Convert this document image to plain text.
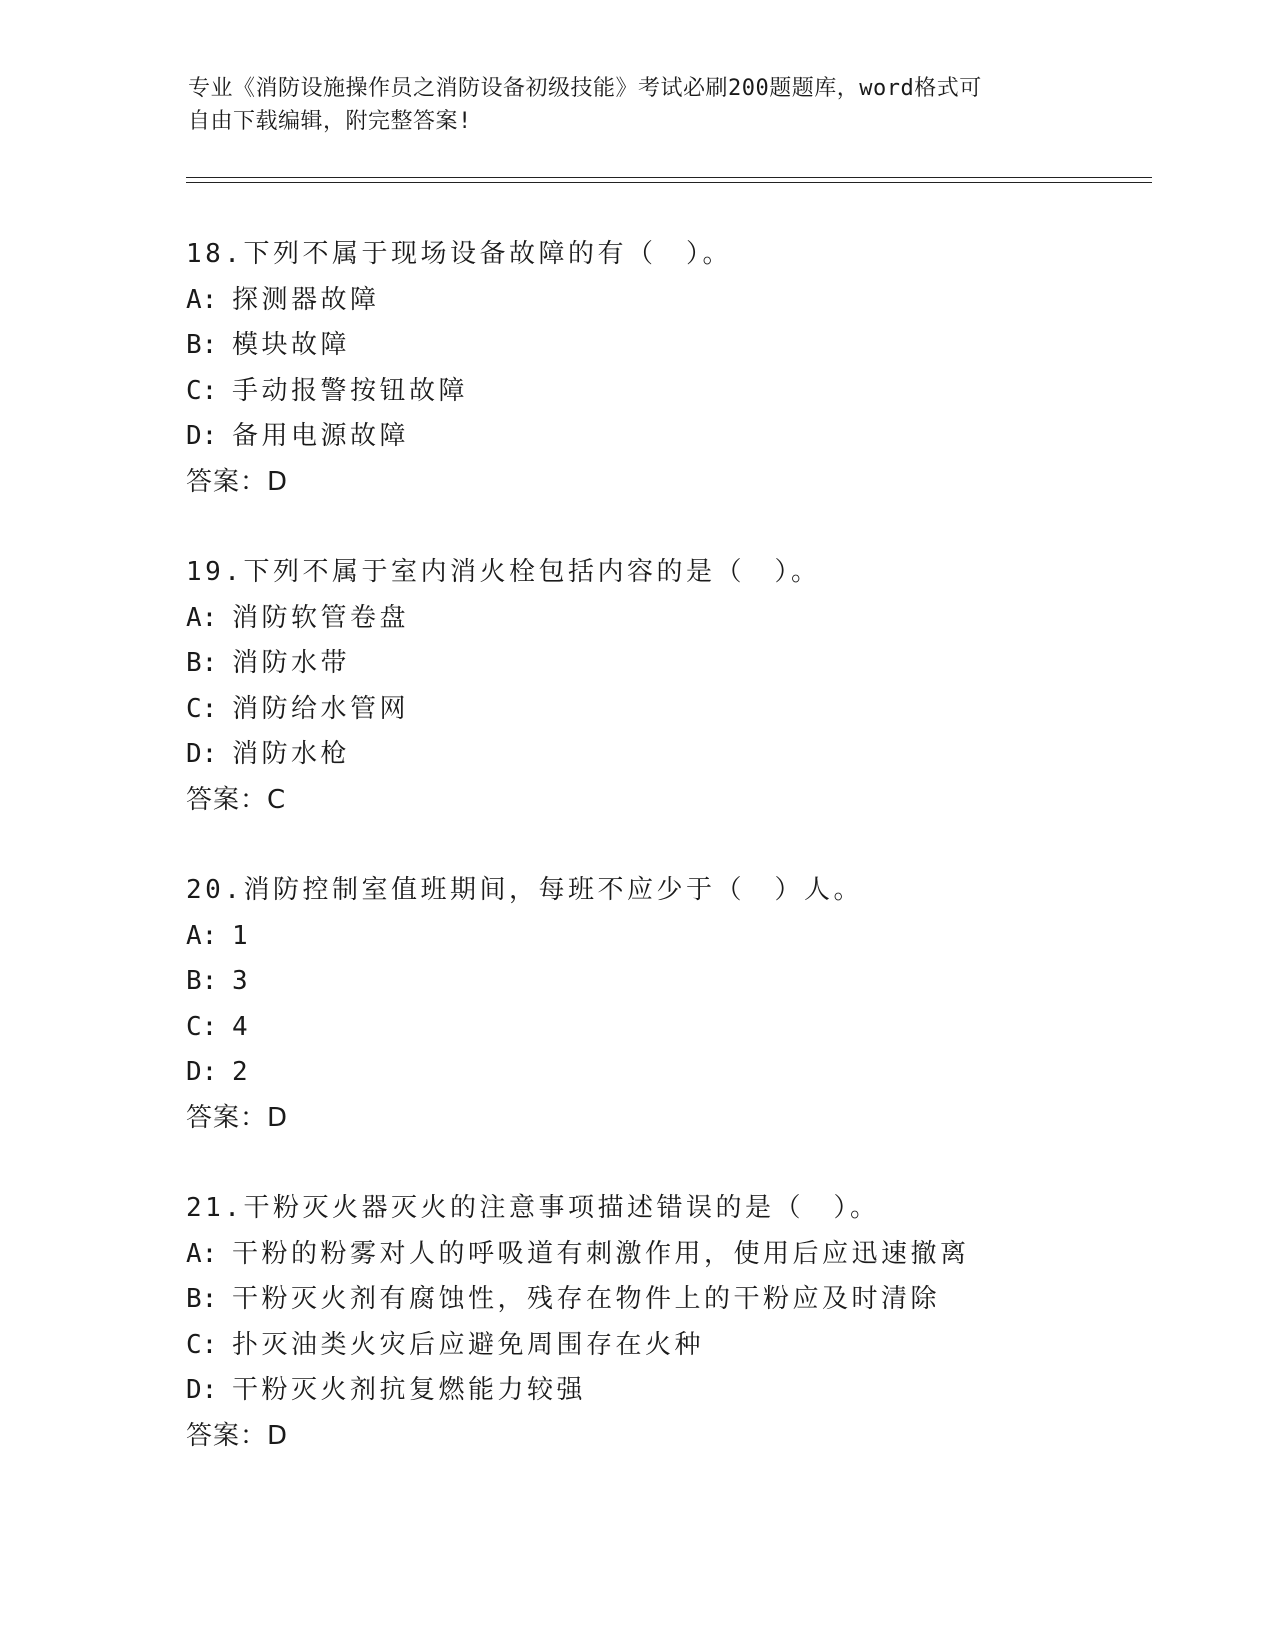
专业《消防设施操作员之消防设备初级技能》考试必刷200题题库，word格式可
自由下载编辑，附完整答案!
18.下列不属于现场设备故障的有（　）。
A: 探测器故障
B: 模块故障
C: 手动报警按钮故障
D: 备用电源故障
答案：D
19.下列不属于室内消火栓包括内容的是（　）。
A: 消防软管卷盘
B: 消防水带
C: 消防给水管网
D: 消防水枪
答案：C
20.消防控制室值班期间，每班不应少于（　）人。
A: 1
B: 3
C: 4
D: 2
答案：D
21.干粉灭火器灭火的注意事项描述错误的是（　）。
A: 干粉的粉雾对人的呼吸道有刺激作用，使用后应迅速撤离
B: 干粉灭火剂有腐蚀性，残存在物件上的干粉应及时清除
C: 扑灭油类火灾后应避免周围存在火种
D: 干粉灭火剂抗复燃能力较强
答案：D
